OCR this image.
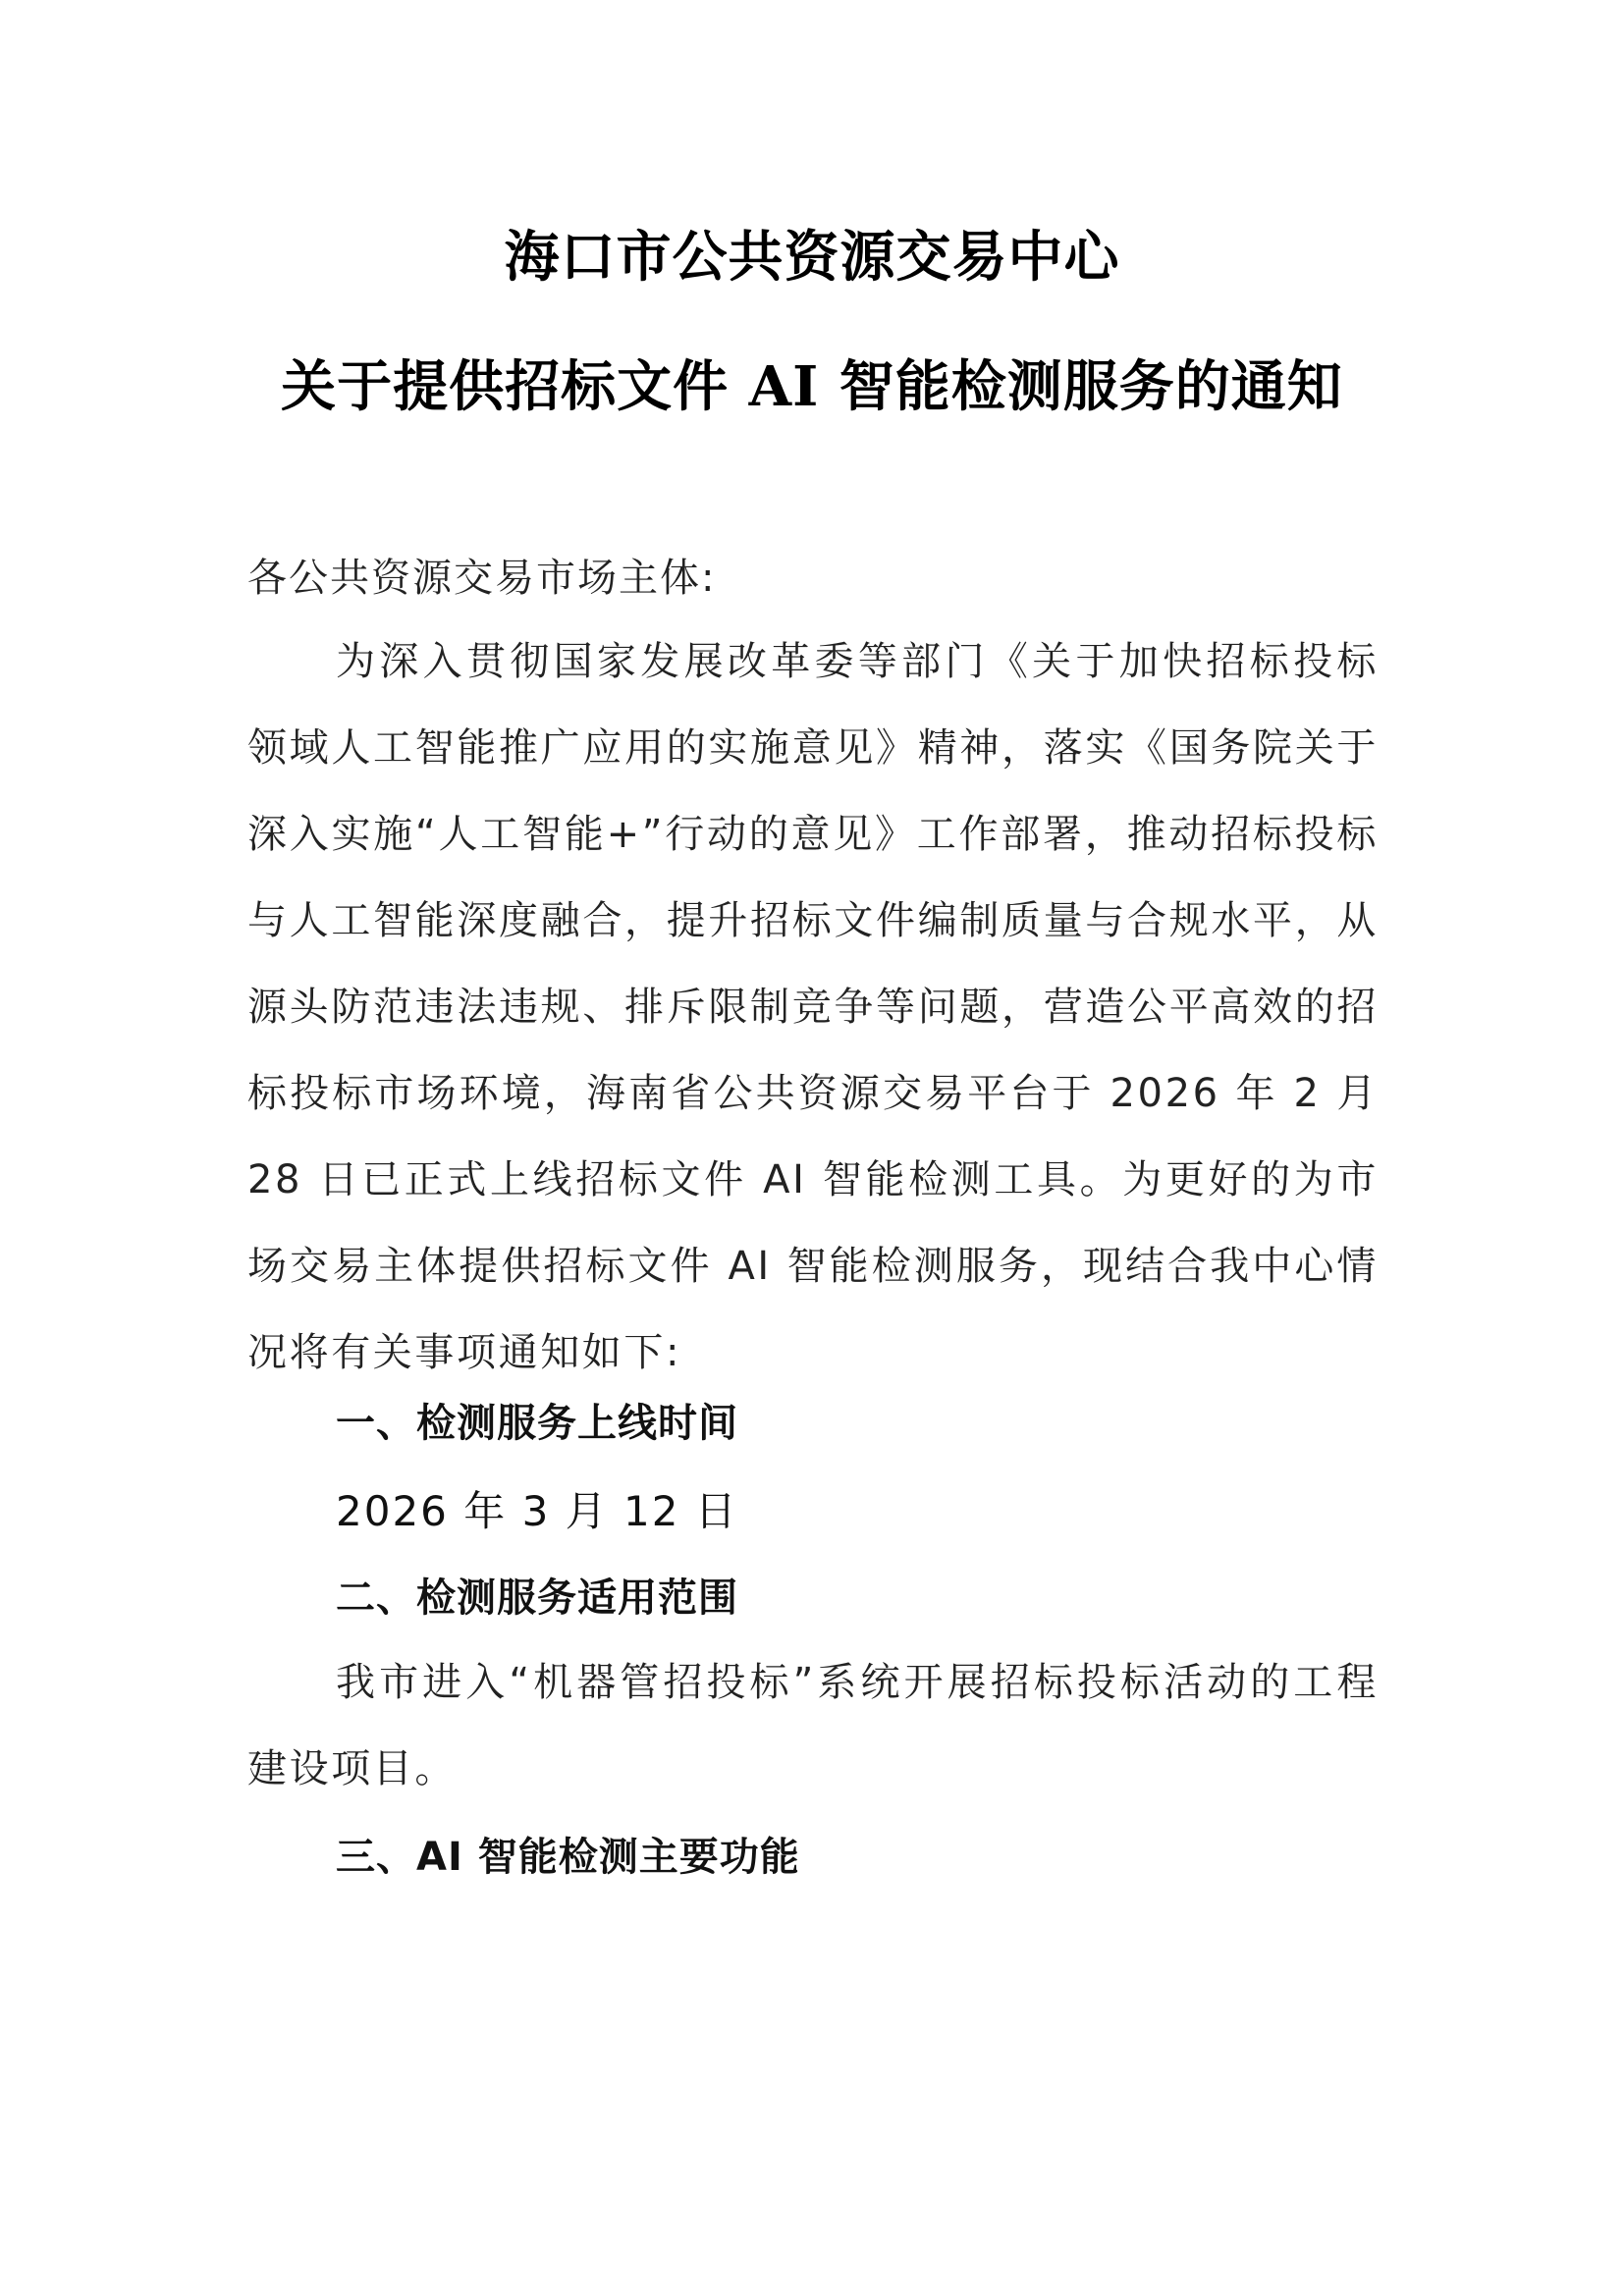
海口市公共资源交易中心
关于提供招标文件 AI 智能检测服务的通知
各公共资源交易市场主体:
为深入贯彻国家发展改革委等部门《关于加快招标投标领域人工智能推广应用的实施意见》精神，落实《国务院关于深入实施“人工智能+”行动的意见》工作部署，推动招标投标与人工智能深度融合，提升招标文件编制质量与合规水平，从源头防范违法违规、排斥限制竞争等问题，营造公平高效的招标投标市场环境，海南省公共资源交易平台于 2026 年 2 月 28 日已正式上线招标文件 AI 智能检测工具。为更好的为市场交易主体提供招标文件 AI 智能检测服务，现结合我中心情况将有关事项通知如下:
一、检测服务上线时间
2026 年 3 月 12 日
二、检测服务适用范围
我市进入“机器管招投标”系统开展招标投标活动的工程建设项目。
三、AI 智能检测主要功能
